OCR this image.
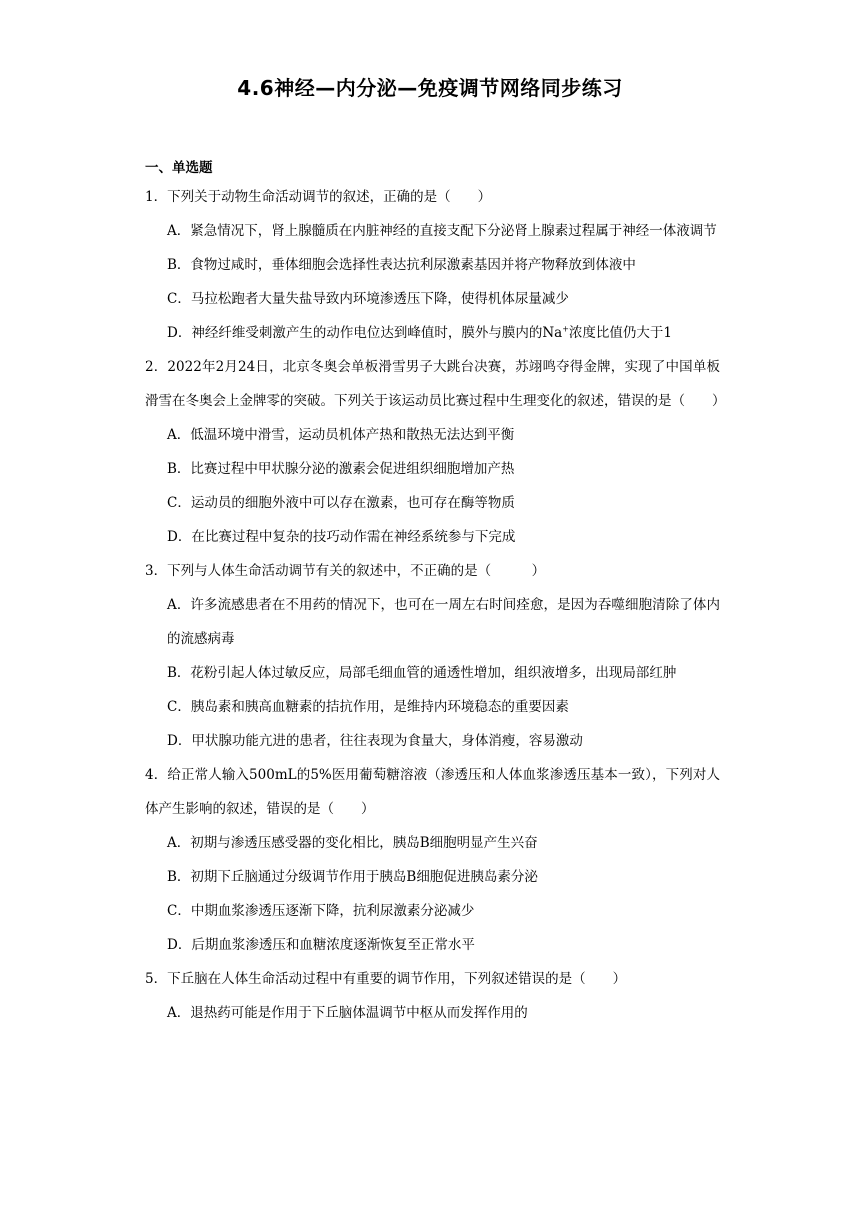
4.6神经—内分泌—免疫调节网络同步练习
一、单选题

1．下列关于动物生命活动调节的叙述，正确的是（　　）

A．紧急情况下，肾上腺髓质在内脏神经的直接支配下分泌肾上腺素过程属于神经一体液调节

B．食物过咸时，垂体细胞会选择性表达抗利尿激素基因并将产物释放到体液中

C．马拉松跑者大量失盐导致内环境渗透压下降，使得机体尿量减少

D．神经纤维受刺激产生的动作电位达到峰值时，膜外与膜内的Na+浓度比值仍大于1

2．2022年2月24日，北京冬奥会单板滑雪男子大跳台决赛，苏翊鸣夺得金牌，实现了中国单板滑雪在冬奥会上金牌零的突破。下列关于该运动员比赛过程中生理变化的叙述，错误的是（　　）

A．低温环境中滑雪，运动员机体产热和散热无法达到平衡

B．比赛过程中甲状腺分泌的激素会促进组织细胞增加产热

C．运动员的细胞外液中可以存在激素，也可存在酶等物质

D．在比赛过程中复杂的技巧动作需在神经系统参与下完成

3．下列与人体生命活动调节有关的叙述中，不正确的是（　　　）

A．许多流感患者在不用药的情况下，也可在一周左右时间痊愈，是因为吞噬细胞清除了体内的流感病毒

B．花粉引起人体过敏反应，局部毛细血管的通透性增加，组织液增多，出现局部红肿

C．胰岛素和胰高血糖素的拮抗作用，是维持内环境稳态的重要因素

D．甲状腺功能亢进的患者，往往表现为食量大，身体消瘦，容易激动

4．给正常人输入500mL的5%医用葡萄糖溶液（渗透压和人体血浆渗透压基本一致），下列对人体产生影响的叙述，错误的是（　　）

A．初期与渗透压感受器的变化相比，胰岛B细胞明显产生兴奋

B．初期下丘脑通过分级调节作用于胰岛B细胞促进胰岛素分泌

C．中期血浆渗透压逐渐下降，抗利尿激素分泌减少

D．后期血浆渗透压和血糖浓度逐渐恢复至正常水平

5．下丘脑在人体生命活动过程中有重要的调节作用，下列叙述错误的是（　　）

A．退热药可能是作用于下丘脑体温调节中枢从而发挥作用的
